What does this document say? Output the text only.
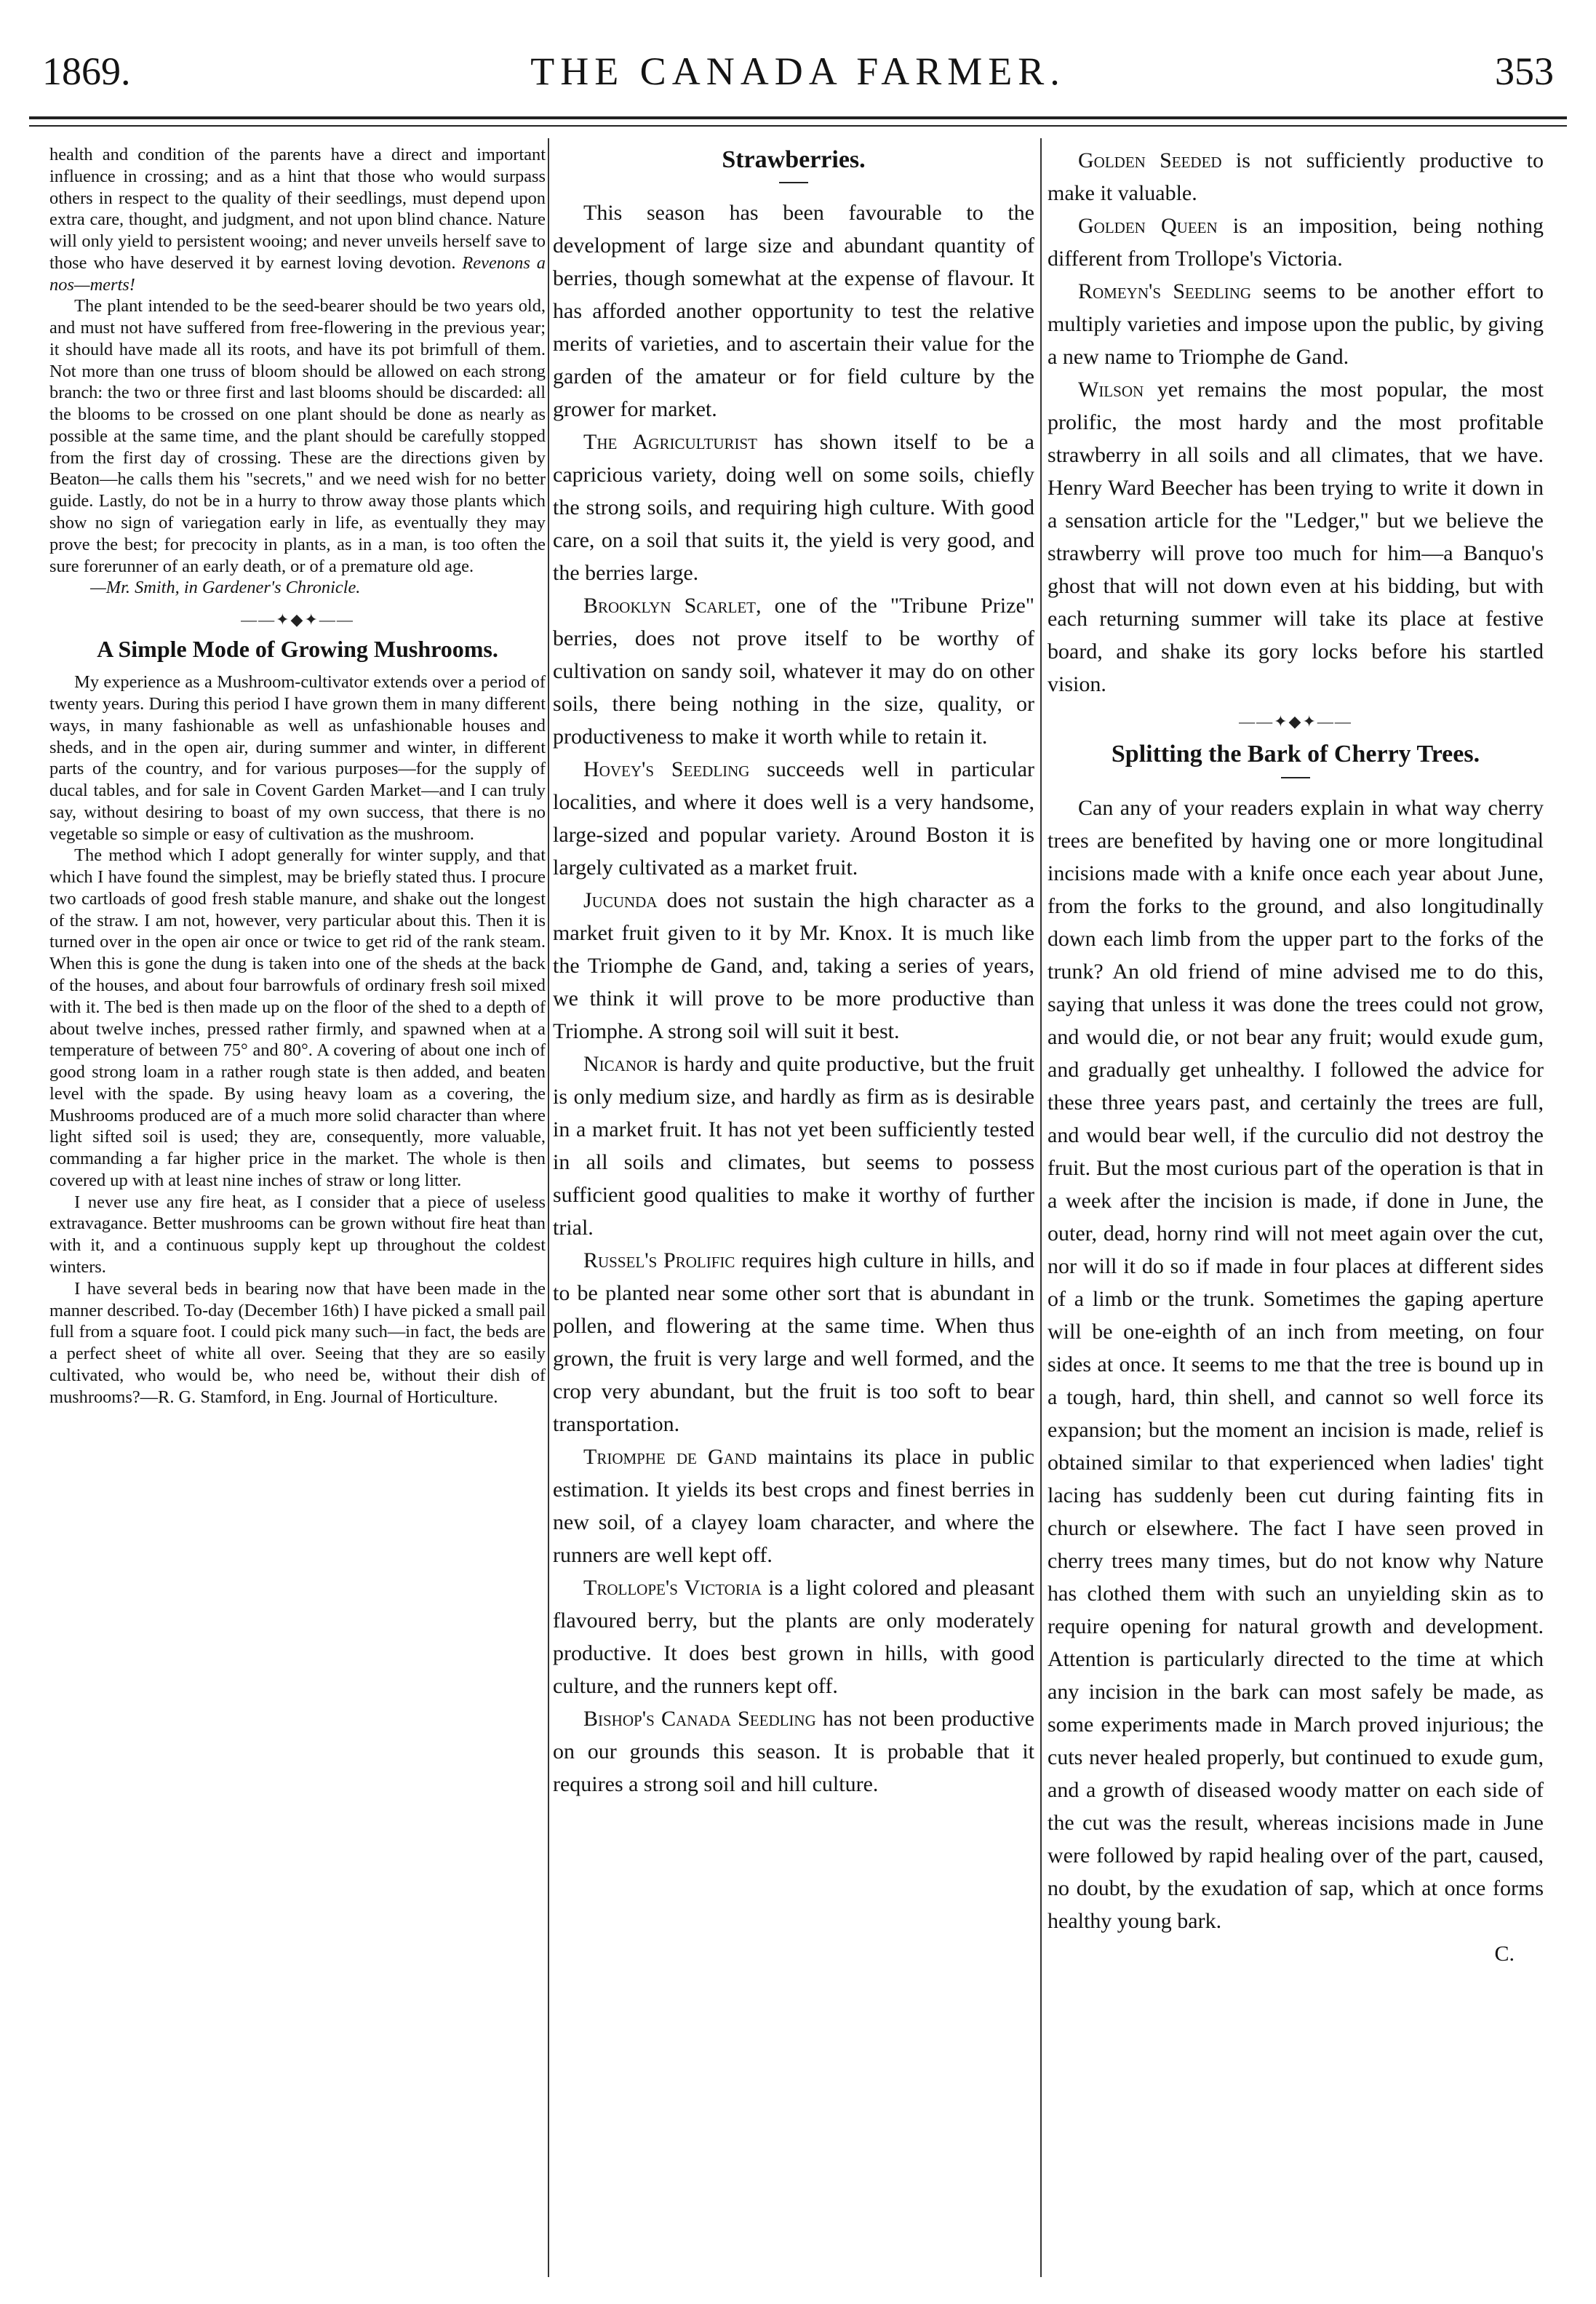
1869.	THE CANADA FARMER.	353

health and condition of the parents have a direct and important influence in crossing; and as a hint that those who would surpass others in respect to the quality of their seedlings, must depend upon extra care, thought, and judgment, and not upon blind chance. Nature will only yield to persistent wooing; and never unveils herself save to those who have deserved it by earnest loving devotion. Revenons a nos—merts!

The plant intended to be the seed-bearer should be two years old, and must not have suffered from free-flowering in the previous year; it should have made all its roots, and have its pot brimfull of them. Not more than one truss of bloom should be allowed on each strong branch: the two or three first and last blooms should be discarded: all the blooms to be crossed on one plant should be done as nearly as possible at the same time, and the plant should be carefully stopped from the first day of crossing. These are the directions given by Beaton—he calls them his "secrets," and we need wish for no better guide. Lastly, do not be in a hurry to throw away those plants which show no sign of variegation early in life, as eventually they may prove the best; for precocity in plants, as in a man, is too often the sure forerunner of an early death, or of a premature old age.

—Mr. Smith, in Gardener's Chronicle.

——✦◆✦——
A Simple Mode of Growing Mushrooms.

My experience as a Mushroom-cultivator extends over a period of twenty years. During this period I have grown them in many different ways, in many fashionable as well as unfashionable houses and sheds, and in the open air, during summer and winter, in different parts of the country, and for various purposes—for the supply of ducal tables, and for sale in Covent Garden Market—and I can truly say, without desiring to boast of my own success, that there is no vegetable so simple or easy of cultivation as the mushroom.

The method which I adopt generally for winter supply, and that which I have found the simplest, may be briefly stated thus. I procure two cartloads of good fresh stable manure, and shake out the longest of the straw. I am not, however, very particular about this. Then it is turned over in the open air once or twice to get rid of the rank steam. When this is gone the dung is taken into one of the sheds at the back of the houses, and about four barrowfuls of ordinary fresh soil mixed with it. The bed is then made up on the floor of the shed to a depth of about twelve inches, pressed rather firmly, and spawned when at a temperature of between 75° and 80°. A covering of about one inch of good strong loam in a rather rough state is then added, and beaten level with the spade. By using heavy loam as a covering, the Mushrooms produced are of a much more solid character than where light sifted soil is used; they are, consequently, more valuable, commanding a far higher price in the market. The whole is then covered up with at least nine inches of straw or long litter.

I never use any fire heat, as I consider that a piece of useless extravagance. Better mushrooms can be grown without fire heat than with it, and a continuous supply kept up throughout the coldest winters.

I have several beds in bearing now that have been made in the manner described. To-day (December 16th) I have picked a small pail full from a square foot. I could pick many such—in fact, the beds are a perfect sheet of white all over. Seeing that they are so easily cultivated, who would be, who need be, without their dish of mushrooms?—R. G. Stamford, in Eng. Journal of Horticulture.

Strawberries.

This season has been favourable to the development of large size and abundant quantity of berries, though somewhat at the expense of flavour. It has afforded another opportunity to test the relative merits of varieties, and to ascertain their value for the garden of the amateur or for field culture by the grower for market.

The Agriculturist has shown itself to be a capricious variety, doing well on some soils, chiefly the strong soils, and requiring high culture. With good care, on a soil that suits it, the yield is very good, and the berries large.

Brooklyn Scarlet, one of the "Tribune Prize" berries, does not prove itself to be worthy of cultivation on sandy soil, whatever it may do on other soils, there being nothing in the size, quality, or productiveness to make it worth while to retain it.

Hovey's Seedling succeeds well in particular localities, and where it does well is a very handsome, large-sized and popular variety. Around Boston it is largely cultivated as a market fruit.

Jucunda does not sustain the high character as a market fruit given to it by Mr. Knox. It is much like the Triomphe de Gand, and, taking a series of years, we think it will prove to be more productive than Triomphe. A strong soil will suit it best.

Nicanor is hardy and quite productive, but the fruit is only medium size, and hardly as firm as is desirable in a market fruit. It has not yet been sufficiently tested in all soils and climates, but seems to possess sufficient good qualities to make it worthy of further trial.

Russel's Prolific requires high culture in hills, and to be planted near some other sort that is abundant in pollen, and flowering at the same time. When thus grown, the fruit is very large and well formed, and the crop very abundant, but the fruit is too soft to bear transportation.

Triomphe de Gand maintains its place in public estimation. It yields its best crops and finest berries in new soil, of a clayey loam character, and where the runners are well kept off.

Trollope's Victoria is a light colored and pleasant flavoured berry, but the plants are only moderately productive. It does best grown in hills, with good culture, and the runners kept off.

Bishop's Canada Seedling has not been productive on our grounds this season. It is probable that it requires a strong soil and hill culture.

Golden Seeded is not sufficiently productive to make it valuable.

Golden Queen is an imposition, being nothing different from Trollope's Victoria.

Romeyn's Seedling seems to be another effort to multiply varieties and impose upon the public, by giving a new name to Triomphe de Gand.

Wilson yet remains the most popular, the most prolific, the most hardy and the most profitable strawberry in all soils and all climates, that we have. Henry Ward Beecher has been trying to write it down in a sensation article for the "Ledger," but we believe the strawberry will prove too much for him—a Banquo's ghost that will not down even at his bidding, but with each returning summer will take its place at festive board, and shake its gory locks before his startled vision.

——✦◆✦——
Splitting the Bark of Cherry Trees.

Can any of your readers explain in what way cherry trees are benefited by having one or more longitudinal incisions made with a knife once each year about June, from the forks to the ground, and also longitudinally down each limb from the upper part to the forks of the trunk? An old friend of mine advised me to do this, saying that unless it was done the trees could not grow, and would die, or not bear any fruit; would exude gum, and gradually get unhealthy. I followed the advice for these three years past, and certainly the trees are full, and would bear well, if the curculio did not destroy the fruit. But the most curious part of the operation is that in a week after the incision is made, if done in June, the outer, dead, horny rind will not meet again over the cut, nor will it do so if made in four places at different sides of a limb or the trunk. Sometimes the gaping aperture will be one-eighth of an inch from meeting, on four sides at once. It seems to me that the tree is bound up in a tough, hard, thin shell, and cannot so well force its expansion; but the moment an incision is made, relief is obtained similar to that experienced when ladies' tight lacing has suddenly been cut during fainting fits in church or elsewhere. The fact I have seen proved in cherry trees many times, but do not know why Nature has clothed them with such an unyielding skin as to require opening for natural growth and development. Attention is particularly directed to the time at which any incision in the bark can most safely be made, as some experiments made in March proved injurious; the cuts never healed properly, but continued to exude gum, and a growth of diseased woody matter on each side of the cut was the result, whereas incisions made in June were followed by rapid healing over of the part, caused, no doubt, by the exudation of sap, which at once forms healthy young bark.

C.
